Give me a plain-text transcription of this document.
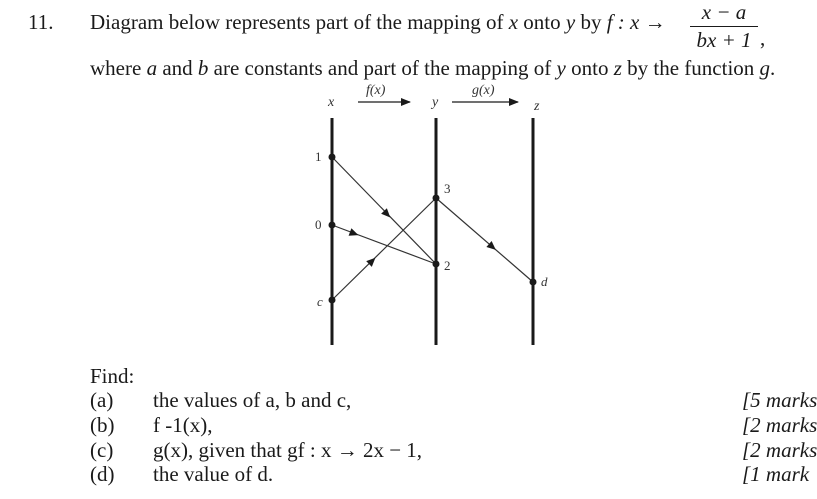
11. Diagram below represents part of the mapping of x onto y by f : x →	x − a
bx + 1 ,
where a and b are constants and part of the mapping of y onto z by the function g.
x
f(x)
y
g(x)
z
1
0
c
3
2
d
Find:
(a) the values of a, b and c,	[5 marks
(b) f -1(x),	[2 marks
(c) g(x), given that gf : x → 2x − 1,	[2 marks
(d) the value of d.	[1 mark
